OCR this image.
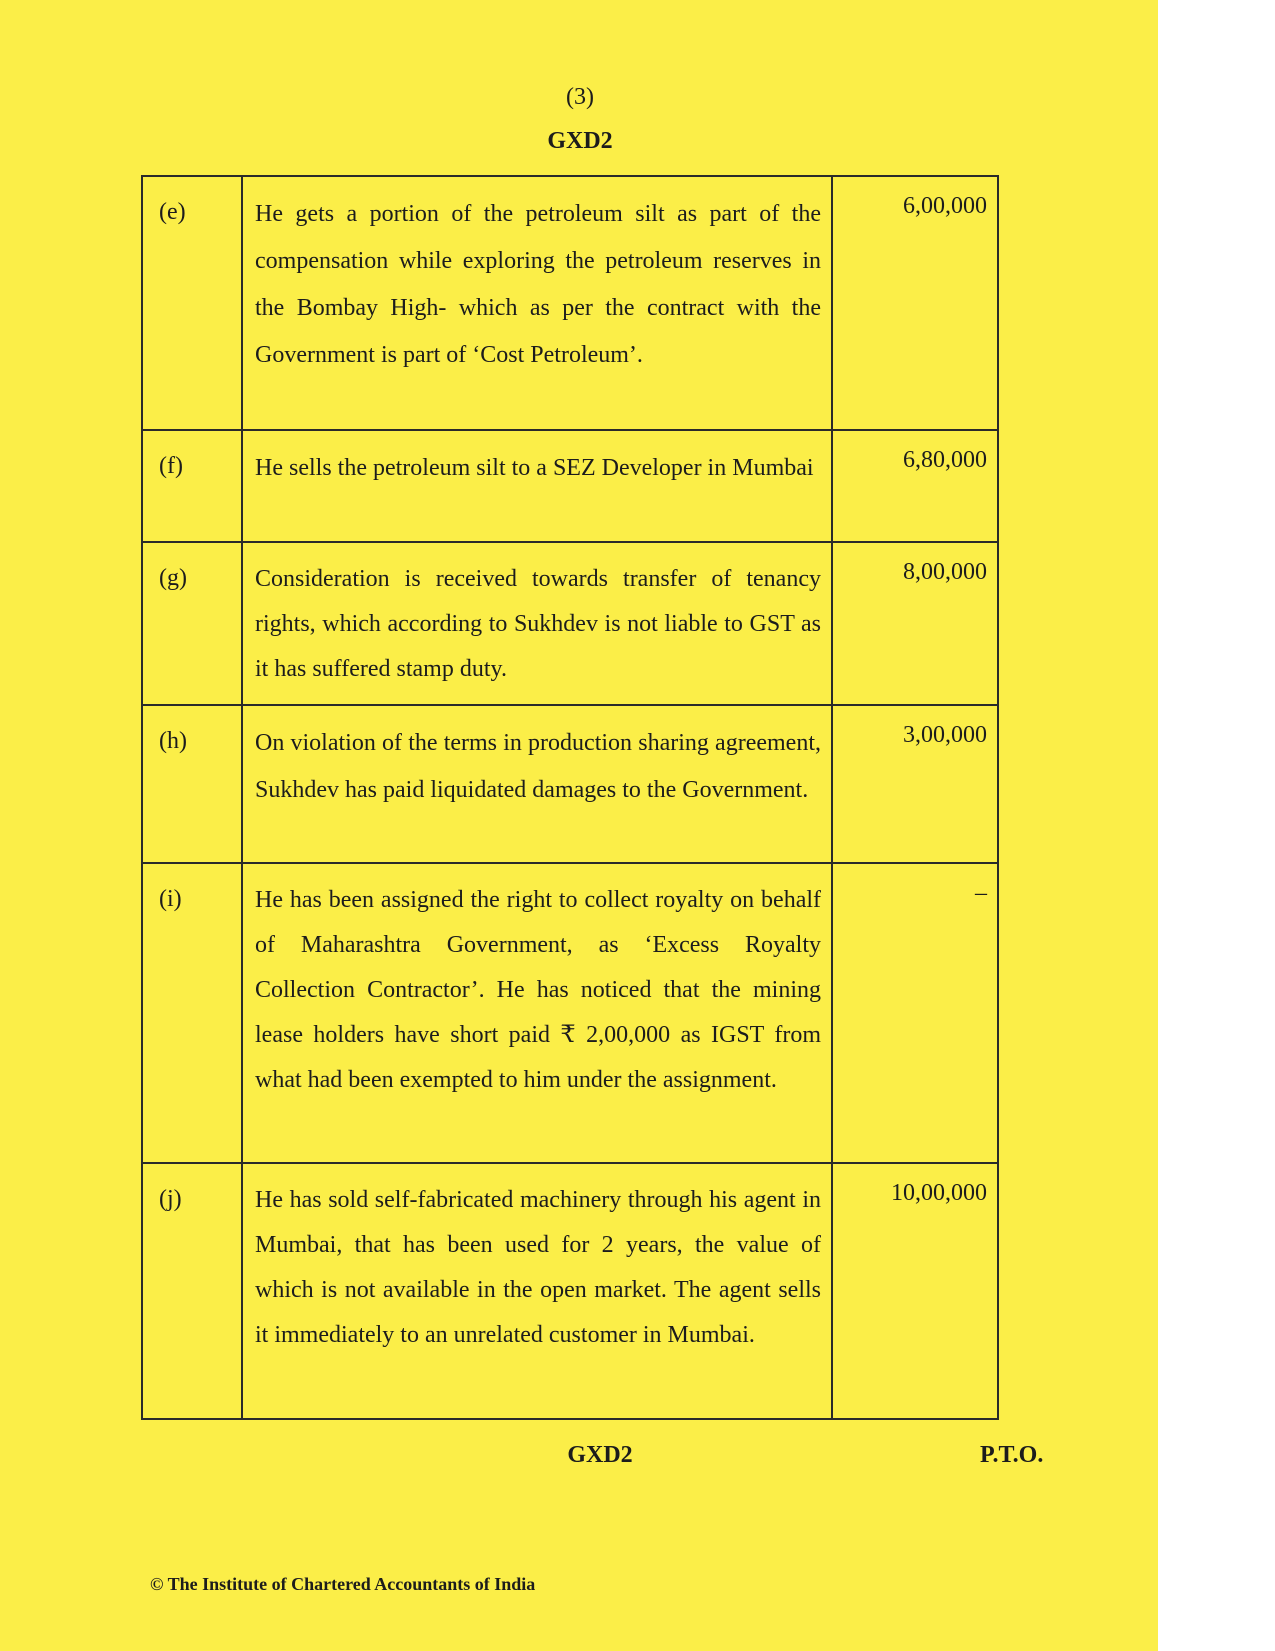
(3)
GXD2
(e)	He gets a portion of the petroleum silt as part of the compensation while exploring the petroleum reserves in the Bombay High- which as per the contract with the Government is part of ‘Cost Petroleum’.	6,00,000
(f)	He sells the petroleum silt to a SEZ Developer in Mumbai	6,80,000
(g)	Consideration is received towards transfer of tenancy rights, which according to Sukhdev is not liable to GST as it has suffered stamp duty.	8,00,000
(h)	On violation of the terms in production sharing agreement, Sukhdev has paid liquidated damages to the Government.	3,00,000
(i)	He has been assigned the right to collect royalty on behalf of Maharashtra Government, as ‘Excess Royalty Collection Contractor’. He has noticed that the mining lease holders have short paid ₹ 2,00,000 as IGST from what had been exempted to him under the assignment.	–
(j)	He has sold self-fabricated machinery through his agent in Mumbai, that has been used for 2 years, the value of which is not available in the open market. The agent sells it immediately to an unrelated customer in Mumbai.	10,00,000
GXD2	P.T.O.
© The Institute of Chartered Accountants of India
